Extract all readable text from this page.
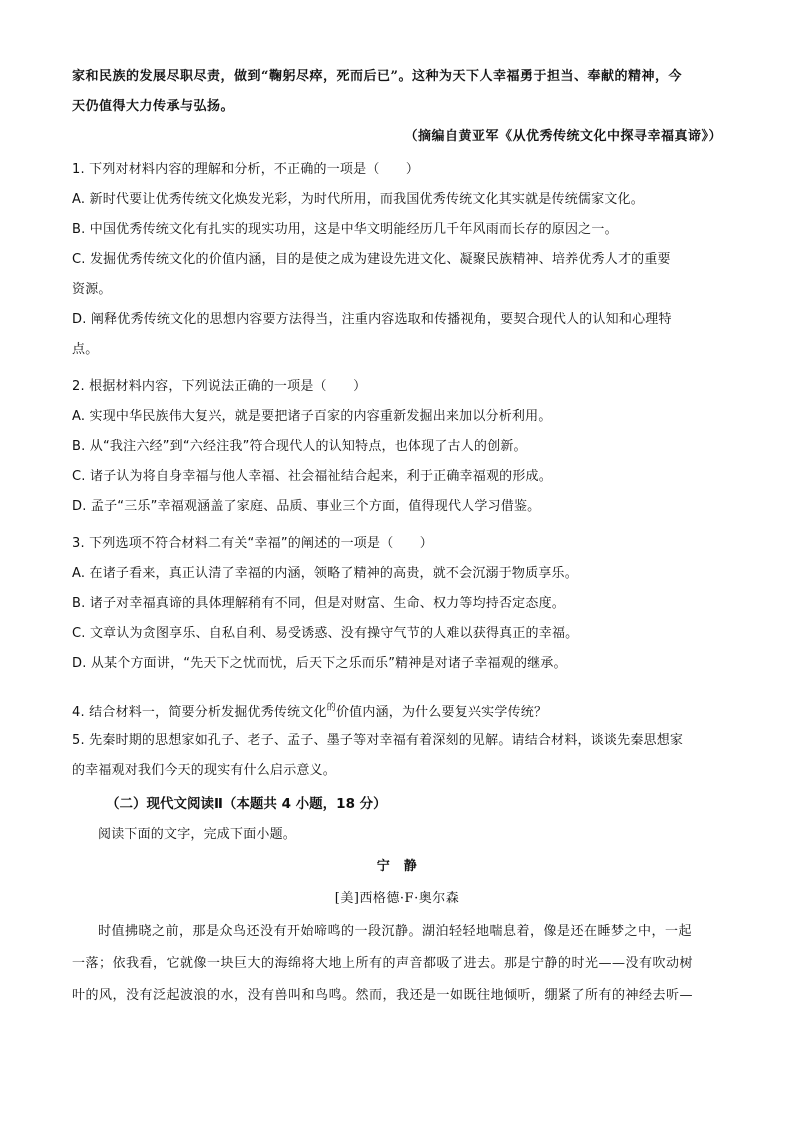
家和民族的发展尽职尽责，做到“鞠躬尽瘁，死而后已”。这种为天下人幸福勇于担当、奉献的精神，今
天仍值得大力传承与弘扬。
（摘编自黄亚军《从优秀传统文化中探寻幸福真谛》）
1. 下列对材料内容的理解和分析，不正确的一项是（　　）
A. 新时代要让优秀传统文化焕发光彩，为时代所用，而我国优秀传统文化其实就是传统儒家文化。
B. 中国优秀传统文化有扎实的现实功用，这是中华文明能经历几千年风雨而长存的原因之一。
C. 发掘优秀传统文化的价值内涵，目的是使之成为建设先进文化、凝聚民族精神、培养优秀人才的重要
资源。
D. 阐释优秀传统文化的思想内容要方法得当，注重内容选取和传播视角，要契合现代人的认知和心理特
点。
2. 根据材料内容，下列说法正确的一项是（　　）
A. 实现中华民族伟大复兴，就是要把诸子百家的内容重新发掘出来加以分析利用。
B. 从“我注六经”到“六经注我”符合现代人的认知特点，也体现了古人的创新。
C. 诸子认为将自身幸福与他人幸福、社会福祉结合起来，利于正确幸福观的形成。
D. 孟子“三乐”幸福观涵盖了家庭、品质、事业三个方面，值得现代人学习借鉴。
3. 下列选项不符合材料二有关“幸福”的阐述的一项是（　　）
A. 在诸子看来，真正认清了幸福的内涵，领略了精神的高贵，就不会沉溺于物质享乐。
B. 诸子对幸福真谛的具体理解稍有不同，但是对财富、生命、权力等均持否定态度。
C. 文章认为贪图享乐、自私自利、易受诱惑、没有操守气节的人难以获得真正的幸福。
D. 从某个方面讲，“先天下之忧而忧，后天下之乐而乐”精神是对诸子幸福观的继承。
4. 结合材料一，简要分析发掘优秀传统文化$^的$价值内涵，为什么要复兴实学传统？
5. 先秦时期的思想家如孔子、老子、孟子、墨子等对幸福有着深刻的见解。请结合材料，谈谈先秦思想家
的幸福观对我们今天的现实有什么启示意义。
（二）现代文阅读Ⅱ（本题共 4 小题，18 分）
阅读下面的文字，完成下面小题。
宁　静
[美]西格德·F·奥尔森
时值拂晓之前，那是众鸟还没有开始啼鸣的一段沉静。湖泊轻轻地喘息着，像是还在睡梦之中，一起
一落；依我看，它就像一块巨大的海绵将大地上所有的声音都吸了进去。那是宁静的时光——没有吹动树
叶的风，没有泛起波浪的水，没有兽叫和鸟鸣。然而，我还是一如既往地倾听，绷紧了所有的神经去听—
